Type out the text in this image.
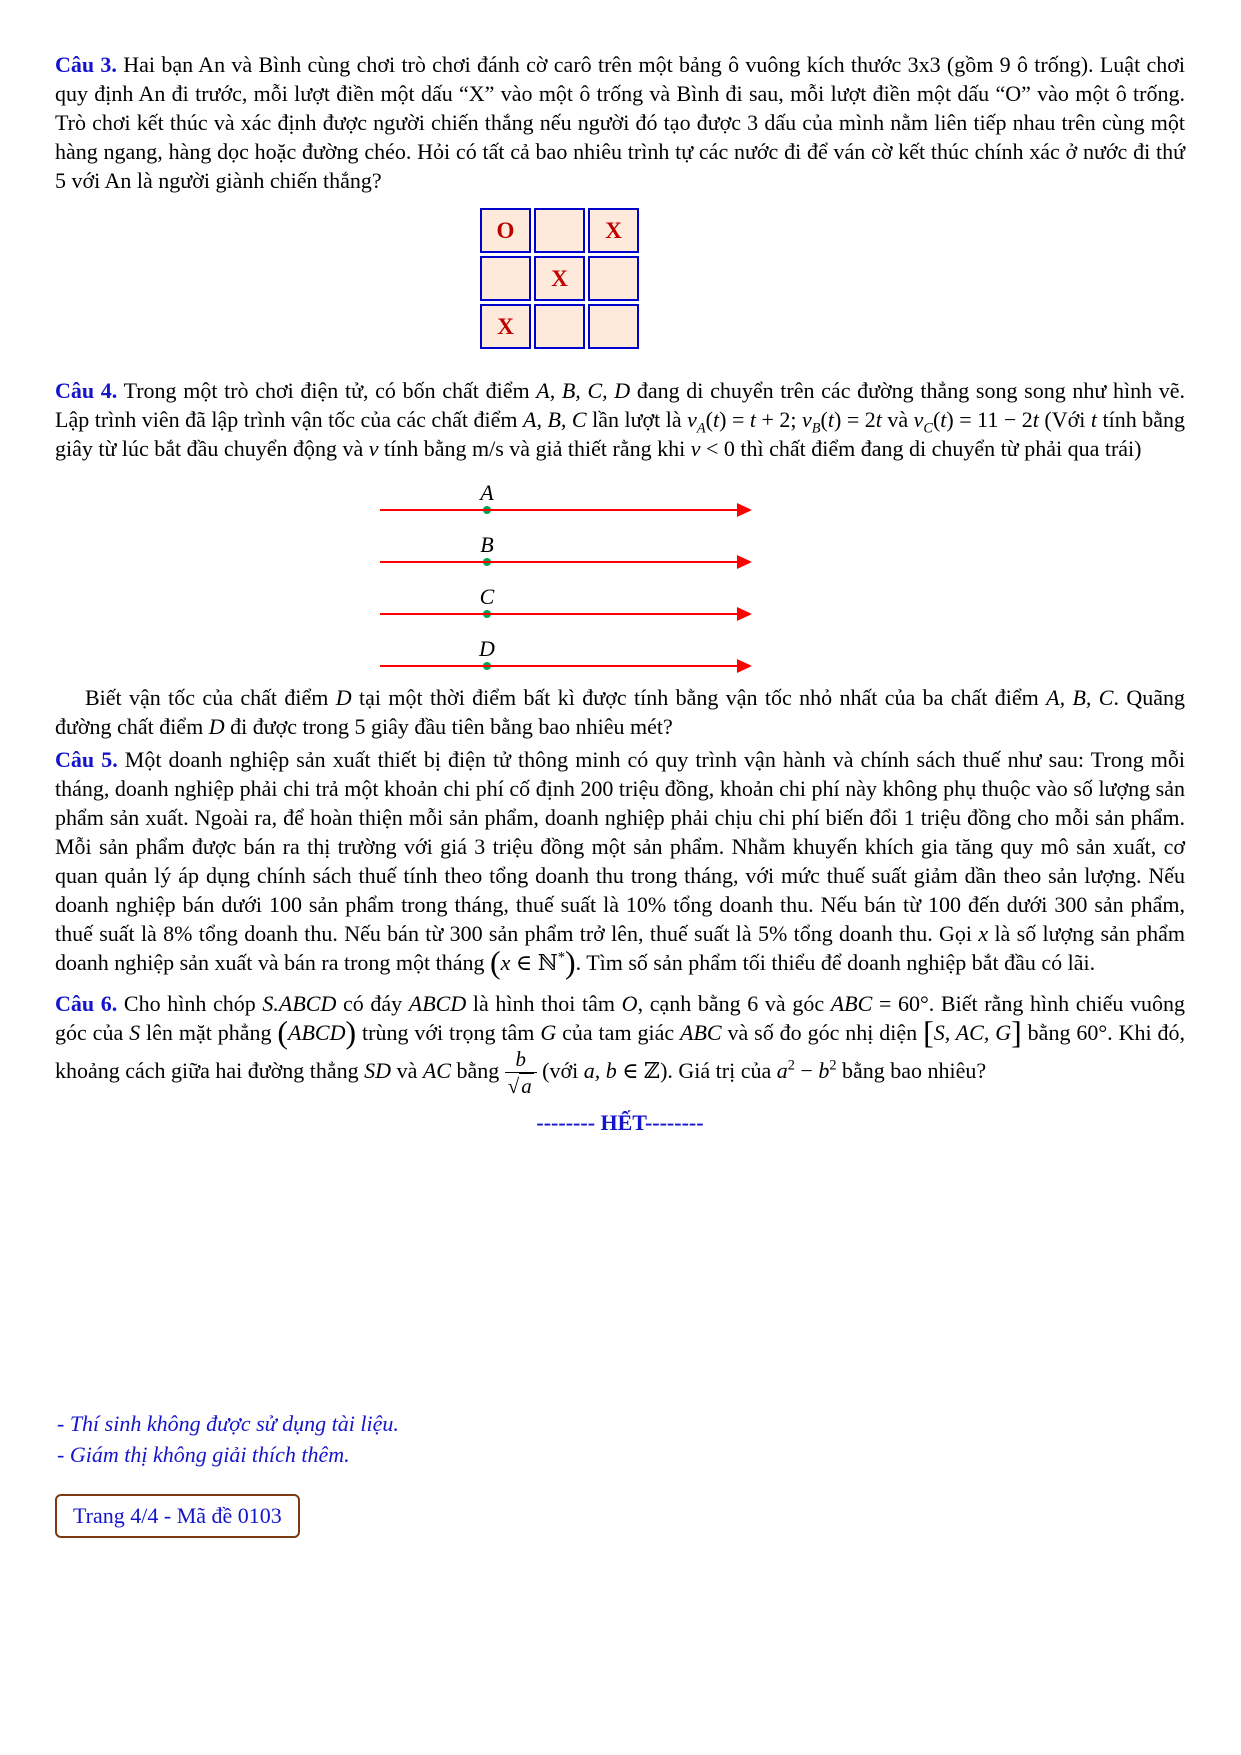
Câu 3. Hai bạn An và Bình cùng chơi trò chơi đánh cờ carô trên một bảng ô vuông kích thước 3x3 (gồm 9 ô trống). Luật chơi quy định An đi trước, mỗi lượt điền một dấu “X” vào một ô trống và Bình đi sau, mỗi lượt điền một dấu “O” vào một ô trống. Trò chơi kết thúc và xác định được người chiến thắng nếu người đó tạo được 3 dấu của mình nằm liên tiếp nhau trên cùng một hàng ngang, hàng dọc hoặc đường chéo. Hỏi có tất cả bao nhiêu trình tự các nước đi để ván cờ kết thúc chính xác ở nước đi thứ 5 với An là người giành chiến thắng?

O		X
	X	
X		

Câu 4. Trong một trò chơi điện tử, có bốn chất điểm A, B, C, D đang di chuyển trên các đường thẳng song song như hình vẽ. Lập trình viên đã lập trình vận tốc của các chất điểm A, B, C lần lượt là $v_A(t) = t + 2$; $v_B(t) = 2t$ và $v_C(t) = 11 - 2t$ (Với t tính bằng giây từ lúc bắt đầu chuyển động và v tính bằng m/s và giả thiết rằng khi v < 0 thì chất điểm đang di chuyển từ phải qua trái)

A
B
C
D

Biết vận tốc của chất điểm D tại một thời điểm bất kì được tính bằng vận tốc nhỏ nhất của ba chất điểm A, B, C. Quãng đường chất điểm D đi được trong 5 giây đầu tiên bằng bao nhiêu mét?

Câu 5. Một doanh nghiệp sản xuất thiết bị điện tử thông minh có quy trình vận hành và chính sách thuế như sau: Trong mỗi tháng, doanh nghiệp phải chi trả một khoản chi phí cố định 200 triệu đồng, khoản chi phí này không phụ thuộc vào số lượng sản phẩm sản xuất. Ngoài ra, để hoàn thiện mỗi sản phẩm, doanh nghiệp phải chịu chi phí biến đổi 1 triệu đồng cho mỗi sản phẩm. Mỗi sản phẩm được bán ra thị trường với giá 3 triệu đồng một sản phẩm. Nhằm khuyến khích gia tăng quy mô sản xuất, cơ quan quản lý áp dụng chính sách thuế tính theo tổng doanh thu trong tháng, với mức thuế suất giảm dần theo sản lượng. Nếu doanh nghiệp bán dưới 100 sản phẩm trong tháng, thuế suất là 10% tổng doanh thu. Nếu bán từ 100 đến dưới 300 sản phẩm, thuế suất là 8% tổng doanh thu. Nếu bán từ 300 sản phẩm trở lên, thuế suất là 5% tổng doanh thu. Gọi x là số lượng sản phẩm doanh nghiệp sản xuất và bán ra trong một tháng (x ∈ ℕ*). Tìm số sản phẩm tối thiểu để doanh nghiệp bắt đầu có lãi.

Câu 6. Cho hình chóp S.ABCD có đáy ABCD là hình thoi tâm O, cạnh bằng 6 và góc ABC = 60°. Biết rằng hình chiếu vuông góc của S lên mặt phẳng (ABCD) trùng với trọng tâm G của tam giác ABC và số đo góc nhị diện [S, AC, G] bằng 60°. Khi đó, khoảng cách giữa hai đường thẳng SD và AC bằng $\frac{b}{√a}$ (với a, b ∈ ℤ). Giá trị của $a^2 - b^2$ bằng bao nhiêu?

-------- HẾT--------

- Thí sinh không được sử dụng tài liệu.

- Giám thị không giải thích thêm.

Trang 4/4 - Mã đề 0103
